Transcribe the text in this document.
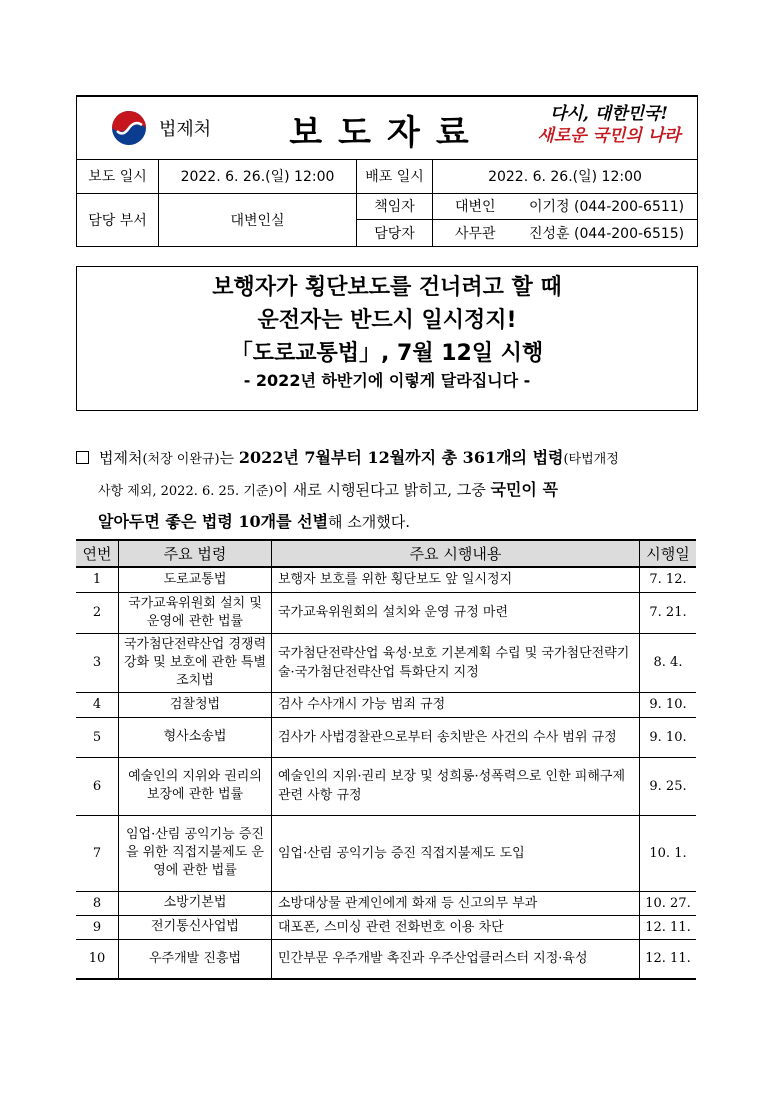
법제처	보도자료	다시, 대한민국!
새로운 국민의 나라
보도 일시	2022. 6. 26.(일) 12:00	배포 일시	2022. 6. 26.(일) 12:00
담당 부서	대변인실
책임자	대변인	이기정 (044-200-6511)
담당자	사무관	진성훈 (044-200-6515)
보행자가 횡단보도를 건너려고 할 때
운전자는 반드시 일시정지!
「도로교통법」, 7월 12일 시행
- 2022년 하반기에 이렇게 달라집니다 -
법제처(처장 이완규)는 2022년 7월부터 12월까지 총 361개의 법령(타법개정
사항 제외, 2022. 6. 25. 기준)이 새로 시행된다고 밝히고, 그중 국민이 꼭
알아두면 좋은 법령 10개를 선별해 소개했다.
연번	주요 법령	주요 시행내용	시행일
1	도로교통법	보행자 보호를 위한 횡단보도 앞 일시정지	7. 12.
2	국가교육위원회 설치 및 운영에 관한 법률	국가교육위원회의 설치와 운영 규정 마련	7. 21.
3	국가첨단전략산업 경쟁력 강화 및 보호에 관한 특별조치법	국가첨단전략산업 육성·보호 기본계획 수립 및 국가첨단전략기술·국가첨단전략산업 특화단지 지정	8. 4.
4	검찰청법	검사 수사개시 가능 범죄 규정	9. 10.
5	형사소송법	검사가 사법경찰관으로부터 송치받은 사건의 수사 범위 규정	9. 10.
6	예술인의 지위와 권리의 보장에 관한 법률	예술인의 지위·권리 보장 및 성희롱·성폭력으로 인한 피해구제 관련 사항 규정	9. 25.
7	임업·산림 공익기능 증진을 위한 직접지불제도 운영에 관한 법률	임업·산림 공익기능 증진 직접지불제도 도입	10. 1.
8	소방기본법	소방대상물 관계인에게 화재 등 신고의무 부과	10. 27.
9	전기통신사업법	대포폰, 스미싱 관련 전화번호 이용 차단	12. 11.
10	우주개발 진흥법	민간부문 우주개발 촉진과 우주산업클러스터 지정·육성	12. 11.
